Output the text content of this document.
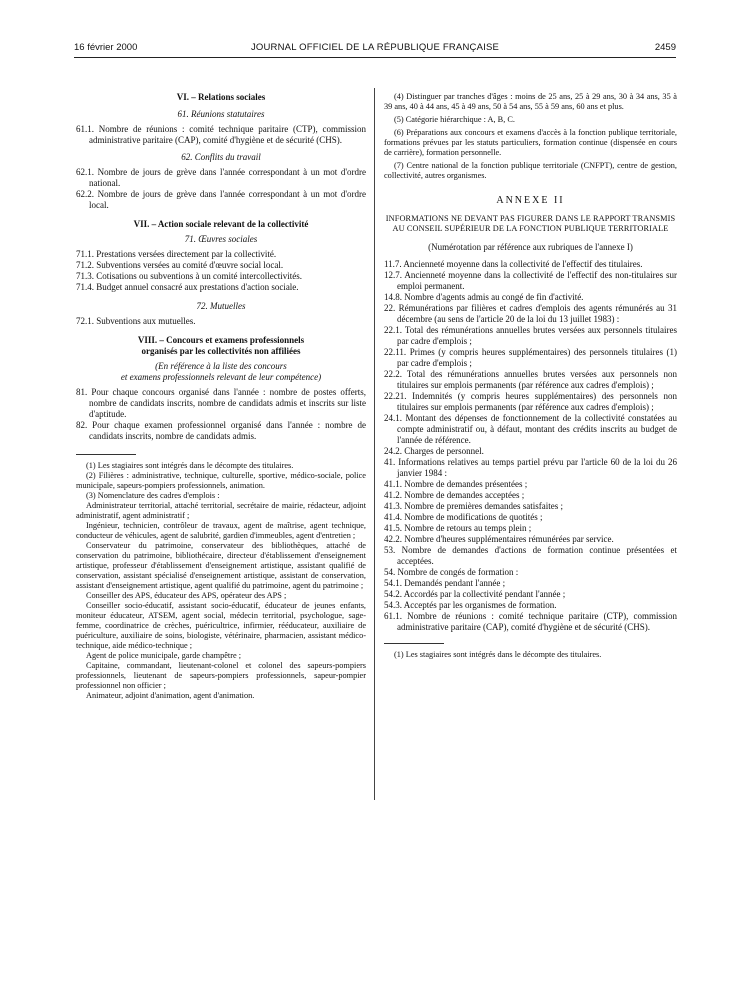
16 février 2000	JOURNAL OFFICIEL DE LA RÉPUBLIQUE FRANÇAISE	2459

VI. – Relations sociales

61. Réunions statutaires

61.1. Nombre de réunions : comité technique paritaire (CTP), commission administrative paritaire (CAP), comité d'hygiène et de sécurité (CHS).

62. Conflits du travail

62.1. Nombre de jours de grève dans l'année correspondant à un mot d'ordre national.

62.2. Nombre de jours de grève dans l'année correspondant à un mot d'ordre local.

VII. – Action sociale relevant de la collectivité

71. Œuvres sociales

71.1. Prestations versées directement par la collectivité.

71.2. Subventions versées au comité d'œuvre social local.

71.3. Cotisations ou subventions à un comité intercollectivités.

71.4. Budget annuel consacré aux prestations d'action sociale.

72. Mutuelles

72.1. Subventions aux mutuelles.

VIII. – Concours et examens professionnels

organisés par les collectivités non affiliées

(En référence à la liste des concours

et examens professionnels relevant de leur compétence)

81. Pour chaque concours organisé dans l'année : nombre de postes offerts, nombre de candidats inscrits, nombre de candidats admis et inscrits sur liste d'aptitude.

82. Pour chaque examen professionnel organisé dans l'année : nombre de candidats inscrits, nombre de candidats admis.

(1) Les stagiaires sont intégrés dans le décompte des titulaires.

(2) Filières : administrative, technique, culturelle, sportive, médico-sociale, police municipale, sapeurs-pompiers professionnels, animation.

(3) Nomenclature des cadres d'emplois :

Administrateur territorial, attaché territorial, secrétaire de mairie, rédacteur, adjoint administratif, agent administratif ;

Ingénieur, technicien, contrôleur de travaux, agent de maîtrise, agent technique, conducteur de véhicules, agent de salubrité, gardien d'immeubles, agent d'entretien ;

Conservateur du patrimoine, conservateur des bibliothèques, attaché de conservation du patrimoine, bibliothécaire, directeur d'établissement d'enseignement artistique, professeur d'établissement d'enseignement artistique, assistant qualifié de conservation, assistant spécialisé d'enseignement artistique, assistant de conservation, assistant d'enseignement artistique, agent qualifié du patrimoine, agent du patrimoine ;

Conseiller des APS, éducateur des APS, opérateur des APS ;

Conseiller socio-éducatif, assistant socio-éducatif, éducateur de jeunes enfants, moniteur éducateur, ATSEM, agent social, médecin territorial, psychologue, sage-femme, coordinatrice de crèches, puéricultrice, infirmier, rééducateur, auxiliaire de puériculture, auxiliaire de soins, biologiste, vétérinaire, pharmacien, assistant médico-technique, aide médico-technique ;

Agent de police municipale, garde champêtre ;

Capitaine, commandant, lieutenant-colonel et colonel des sapeurs-pompiers professionnels, lieutenant de sapeurs-pompiers professionnels, sapeur-pompier professionnel non officier ;

Animateur, adjoint d'animation, agent d'animation.

(4) Distinguer par tranches d'âges : moins de 25 ans, 25 à 29 ans, 30 à 34 ans, 35 à 39 ans, 40 à 44 ans, 45 à 49 ans, 50 à 54 ans, 55 à 59 ans, 60 ans et plus.

(5) Catégorie hiérarchique : A, B, C.

(6) Préparations aux concours et examens d'accès à la fonction publique territoriale, formations prévues par les statuts particuliers, formation continue (dispensée en cours de carrière), formation personnelle.

(7) Centre national de la fonction publique territoriale (CNFPT), centre de gestion, collectivité, autres organismes.

ANNEXE II

INFORMATIONS NE DEVANT PAS FIGURER DANS LE RAPPORT TRANSMIS AU CONSEIL SUPÉRIEUR DE LA FONCTION PUBLIQUE TERRITORIALE

(Numérotation par référence aux rubriques de l'annexe I)

11.7. Ancienneté moyenne dans la collectivité de l'effectif des titulaires.

12.7. Ancienneté moyenne dans la collectivité de l'effectif des non-titulaires sur emploi permanent.

14.8. Nombre d'agents admis au congé de fin d'activité.

22. Rémunérations par filières et cadres d'emplois des agents rémunérés au 31 décembre (au sens de l'article 20 de la loi du 13 juillet 1983) :

22.1. Total des rémunérations annuelles brutes versées aux personnels titulaires par cadre d'emplois ;

22.11. Primes (y compris heures supplémentaires) des personnels titulaires (1) par cadre d'emplois ;

22.2. Total des rémunérations annuelles brutes versées aux personnels non titulaires sur emplois permanents (par référence aux cadres d'emplois) ;

22.21. Indemnités (y compris heures supplémentaires) des personnels non titulaires sur emplois permanents (par référence aux cadres d'emplois) ;

24.1. Montant des dépenses de fonctionnement de la collectivité constatées au compte administratif ou, à défaut, montant des crédits inscrits au budget de l'année de référence.

24.2. Charges de personnel.

41. Informations relatives au temps partiel prévu par l'article 60 de la loi du 26 janvier 1984 :

41.1. Nombre de demandes présentées ;

41.2. Nombre de demandes acceptées ;

41.3. Nombre de premières demandes satisfaites ;

41.4. Nombre de modifications de quotités ;

41.5. Nombre de retours au temps plein ;

42.2. Nombre d'heures supplémentaires rémunérées par service.

53. Nombre de demandes d'actions de formation continue présentées et acceptées.

54. Nombre de congés de formation :

54.1. Demandés pendant l'année ;

54.2. Accordés par la collectivité pendant l'année ;

54.3. Acceptés par les organismes de formation.

61.1. Nombre de réunions : comité technique paritaire (CTP), commission administrative paritaire (CAP), comité d'hygiène et de sécurité (CHS).

(1) Les stagiaires sont intégrés dans le décompte des titulaires.
